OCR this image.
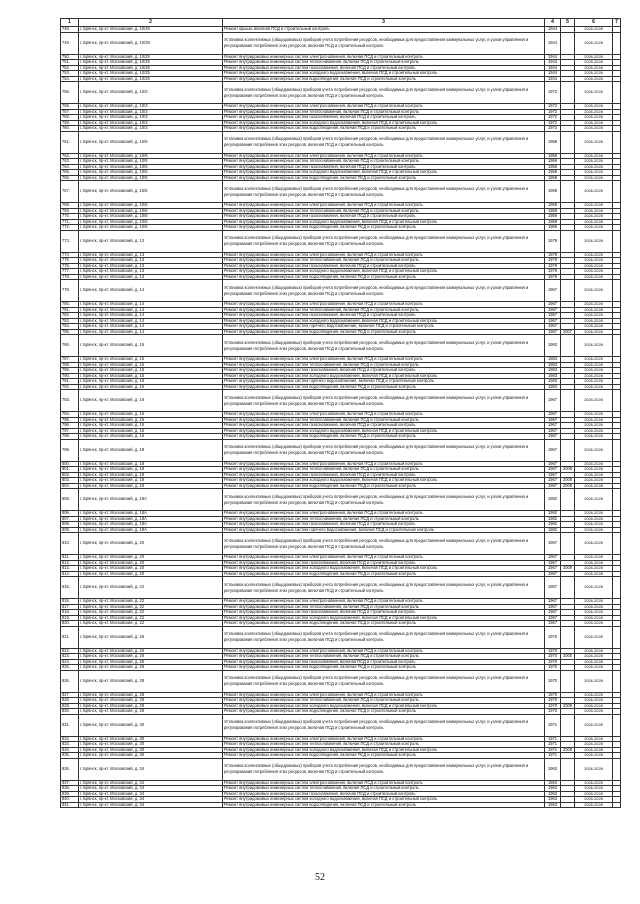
1	2	3	4	5	6	7
748.	г. Брянск, пр-кт. Московский, д. 10/25	Ремонт крыши, включая ПСД и строительный контроль	1944		2026-2028	
749.	г. Брянск, пр-кт. Московский, д. 10/25	Установка коллективных (общедомовых) приборов учета потребления ресурсов, необходимых для предоставления коммунальных услуг, и узлов управления и регулирования потребления этих ресурсов, включая ПСД и строительный контроль	1944		2026-2028	
750.	г. Брянск, пр-кт. Московский, д. 10/25	Ремонт внутридомовых инженерных систем электроснабжения, включая ПСД и строительный контроль	1944		2026-2028	
751.	г. Брянск, пр-кт. Московский, д. 10/25	Ремонт внутридомовых инженерных систем теплоснабжения, включая ПСД и строительный контроль	1944		2026-2028	
752.	г. Брянск, пр-кт. Московский, д. 10/25	Ремонт внутридомовых инженерных систем газоснабжения, включая ПСД и строительный контроль	1944		2026-2028	
753.	г. Брянск, пр-кт. Московский, д. 10/25	Ремонт внутридомовых инженерных систем холодного водоснабжения, включая ПСД и строительный контроль	1944		2026-2028	
754.	г. Брянск, пр-кт. Московский, д. 10/25	Ремонт внутридомовых инженерных систем водоотведения, включая ПСД и строительный контроль	1944		2026-2028	
755.	г. Брянск, пр-кт. Московский, д. 10/3	Установка коллективных (общедомовых) приборов учета потребления ресурсов, необходимых для предоставления коммунальных услуг, и узлов управления и регулирования потребления этих ресурсов, включая ПСД и строительный контроль	1972		2026-2028	
756.	г. Брянск, пр-кт. Московский, д. 10/3	Ремонт внутридомовых инженерных систем электроснабжения, включая ПСД и строительный контроль	1972		2026-2028	
757.	г. Брянск, пр-кт. Московский, д. 10/3	Ремонт внутридомовых инженерных систем теплоснабжения, включая ПСД и строительный контроль	1972		2026-2028	
758.	г. Брянск, пр-кт. Московский, д. 10/3	Ремонт внутридомовых инженерных систем газоснабжения, включая ПСД и строительный контроль	1972		2026-2028	
759.	г. Брянск, пр-кт. Московский, д. 10/3	Ремонт внутридомовых инженерных систем холодного водоснабжения, включая ПСД и строительный контроль	1972		2026-2028	
760.	г. Брянск, пр-кт. Московский, д. 10/3	Ремонт внутридомовых инженерных систем водоотведения, включая ПСД и строительный контроль	1972		2026-2028	
761.	г. Брянск, пр-кт. Московский, д. 10/5	Установка коллективных (общедомовых) приборов учета потребления ресурсов, необходимых для предоставления коммунальных услуг, и узлов управления и регулирования потребления этих ресурсов, включая ПСД и строительный контроль	1958		2026-2028	
762.	г. Брянск, пр-кт. Московский, д. 10/5	Ремонт внутридомовых инженерных систем электроснабжения, включая ПСД и строительный контроль	1958		2026-2028	
763.	г. Брянск, пр-кт. Московский, д. 10/5	Ремонт внутридомовых инженерных систем теплоснабжения, включая ПСД и строительный контроль	1958		2026-2028	
764.	г. Брянск, пр-кт. Московский, д. 10/5	Ремонт внутридомовых инженерных систем газоснабжения, включая ПСД и строительный контроль	1958		2026-2028	
765.	г. Брянск, пр-кт. Московский, д. 10/5	Ремонт внутридомовых инженерных систем холодного водоснабжения, включая ПСД и строительный контроль	1958		2026-2028	
766.	г. Брянск, пр-кт. Московский, д. 10/5	Ремонт внутридомовых инженерных систем водоотведения, включая ПСД и строительный контроль	1958		2026-2028	
767.	г. Брянск, пр-кт. Московский, д. 10/6	Установка коллективных (общедомовых) приборов учета потребления ресурсов, необходимых для предоставления коммунальных услуг, и узлов управления и регулирования потребления этих ресурсов, включая ПСД и строительный контроль	1959		2026-2028	
768.	г. Брянск, пр-кт. Московский, д. 10/6	Ремонт внутридомовых инженерных систем электроснабжения, включая ПСД и строительный контроль	1959		2026-2028	
769.	г. Брянск, пр-кт. Московский, д. 10/6	Ремонт внутридомовых инженерных систем теплоснабжения, включая ПСД и строительный контроль	1959		2026-2028	
770.	г. Брянск, пр-кт. Московский, д. 10/6	Ремонт внутридомовых инженерных систем газоснабжения, включая ПСД и строительный контроль	1959		2026-2028	
771.	г. Брянск, пр-кт. Московский, д. 10/6	Ремонт внутридомовых инженерных систем холодного водоснабжения, включая ПСД и строительный контроль	1959		2026-2028	
772.	г. Брянск, пр-кт. Московский, д. 10/6	Ремонт внутридомовых инженерных систем водоотведения, включая ПСД и строительный контроль	1959		2026-2028	
773.	г. Брянск, пр-кт. Московский, д. 13	Установка коллективных (общедомовых) приборов учета потребления ресурсов, необходимых для предоставления коммунальных услуг, и узлов управления и регулирования потребления этих ресурсов, включая ПСД и строительный контроль	1979		2026-2028	
774.	г. Брянск, пр-кт. Московский, д. 13	Ремонт внутридомовых инженерных систем электроснабжения, включая ПСД и строительный контроль	1979		2026-2028	
775.	г. Брянск, пр-кт. Московский, д. 13	Ремонт внутридомовых инженерных систем теплоснабжения, включая ПСД и строительный контроль	1979		2026-2028	
776.	г. Брянск, пр-кт. Московский, д. 13	Ремонт внутридомовых инженерных систем газоснабжения, включая ПСД и строительный контроль	1979		2026-2028	
777.	г. Брянск, пр-кт. Московский, д. 13	Ремонт внутридомовых инженерных систем холодного водоснабжения, включая ПСД и строительный контроль	1979		2026-2028	
778.	г. Брянск, пр-кт. Московский, д. 13	Ремонт внутридомовых инженерных систем водоотведения, включая ПСД и строительный контроль	1979		2026-2028	
779.	г. Брянск, пр-кт. Московский, д. 14	Установка коллективных (общедомовых) приборов учета потребления ресурсов, необходимых для предоставления коммунальных услуг, и узлов управления и регулирования потребления этих ресурсов, включая ПСД и строительный контроль	1967		2026-2028	
780.	г. Брянск, пр-кт. Московский, д. 14	Ремонт внутридомовых инженерных систем электроснабжения, включая ПСД и строительный контроль	1967		2026-2028	
781.	г. Брянск, пр-кт. Московский, д. 14	Ремонт внутридомовых инженерных систем теплоснабжения, включая ПСД и строительный контроль	1967		2026-2028	
782.	г. Брянск, пр-кт. Московский, д. 14	Ремонт внутридомовых инженерных систем газоснабжения, включая ПСД и строительный контроль	1967		2026-2028	
783.	г. Брянск, пр-кт. Московский, д. 14	Ремонт внутридомовых инженерных систем холодного водоснабжения, включая ПСД и строительный контроль	1967		2026-2028	
784.	г. Брянск, пр-кт. Московский, д. 14	Ремонт внутридомовых инженерных систем горячего водоснабжения, включая ПСД и строительный контроль	1967		2026-2028	
785.	г. Брянск, пр-кт. Московский, д. 14	Ремонт внутридомовых инженерных систем водоотведения, включая ПСД и строительный контроль	1967	2007	2026-2028	
786.	г. Брянск, пр-кт. Московский, д. 15	Установка коллективных (общедомовых) приборов учета потребления ресурсов, необходимых для предоставления коммунальных услуг, и узлов управления и регулирования потребления этих ресурсов, включая ПСД и строительный контроль	1983		2026-2028	
787.	г. Брянск, пр-кт. Московский, д. 15	Ремонт внутридомовых инженерных систем электроснабжения, включая ПСД и строительный контроль	1983		2026-2028	
788.	г. Брянск, пр-кт. Московский, д. 15	Ремонт внутридомовых инженерных систем теплоснабжения, включая ПСД и строительный контроль	1983		2026-2028	
789.	г. Брянск, пр-кт. Московский, д. 15	Ремонт внутридомовых инженерных систем газоснабжения, включая ПСД и строительный контроль	1983		2026-2028	
790.	г. Брянск, пр-кт. Московский, д. 15	Ремонт внутридомовых инженерных систем холодного водоснабжения, включая ПСД и строительный контроль	1983		2026-2028	
791.	г. Брянск, пр-кт. Московский, д. 15	Ремонт внутридомовых инженерных систем горячего водоснабжения, включая ПСД и строительный контроль	1983		2026-2028	
792.	г. Брянск, пр-кт. Московский, д. 15	Ремонт внутридомовых инженерных систем водоотведения, включая ПСД и строительный контроль	1983		2026-2028	
793.	г. Брянск, пр-кт. Московский, д. 16	Установка коллективных (общедомовых) приборов учета потребления ресурсов, необходимых для предоставления коммунальных услуг, и узлов управления и регулирования потребления этих ресурсов, включая ПСД и строительный контроль	1967		2026-2028	
794.	г. Брянск, пр-кт. Московский, д. 16	Ремонт внутридомовых инженерных систем электроснабжения, включая ПСД и строительный контроль	1967		2026-2028	
795.	г. Брянск, пр-кт. Московский, д. 16	Ремонт внутридомовых инженерных систем теплоснабжения, включая ПСД и строительный контроль	1967		2026-2028	
796.	г. Брянск, пр-кт. Московский, д. 16	Ремонт внутридомовых инженерных систем газоснабжения, включая ПСД и строительный контроль	1967		2026-2028	
797.	г. Брянск, пр-кт. Московский, д. 16	Ремонт внутридомовых инженерных систем холодного водоснабжения, включая ПСД и строительный контроль	1967		2026-2028	
798.	г. Брянск, пр-кт. Московский, д. 16	Ремонт внутридомовых инженерных систем водоотведения, включая ПСД и строительный контроль	1967		2026-2028	
799.	г. Брянск, пр-кт. Московский, д. 18	Установка коллективных (общедомовых) приборов учета потребления ресурсов, необходимых для предоставления коммунальных услуг, и узлов управления и регулирования потребления этих ресурсов, включая ПСД и строительный контроль	1967		2026-2028	
800.	г. Брянск, пр-кт. Московский, д. 18	Ремонт внутридомовых инженерных систем электроснабжения, включая ПСД и строительный контроль	1967		2026-2028	
801.	г. Брянск, пр-кт. Московский, д. 18	Ремонт внутридомовых инженерных систем теплоснабжения, включая ПСД и строительный контроль	1967	2009	2026-2028	
802.	г. Брянск, пр-кт. Московский, д. 18	Ремонт внутридомовых инженерных систем газоснабжения, включая ПСД и строительный контроль	1967		2026-2028	
803.	г. Брянск, пр-кт. Московский, д. 18	Ремонт внутридомовых инженерных систем холодного водоснабжения, включая ПСД и строительный контроль	1967	2009	2026-2028	
804.	г. Брянск, пр-кт. Московский, д. 18	Ремонт внутридомовых инженерных систем водоотведения, включая ПСД и строительный контроль	1967	2009	2026-2028	
805.	г. Брянск, пр-кт. Московский, д. 18А	Установка коллективных (общедомовых) приборов учета потребления ресурсов, необходимых для предоставления коммунальных услуг, и узлов управления и регулирования потребления этих ресурсов, включая ПСД и строительный контроль	1982		2026-2028	
806.	г. Брянск, пр-кт. Московский, д. 18А	Ремонт внутридомовых инженерных систем электроснабжения, включая ПСД и строительный контроль	1982		2026-2028	
807.	г. Брянск, пр-кт. Московский, д. 18А	Ремонт внутридомовых инженерных систем теплоснабжения, включая ПСД и строительный контроль	1982		2026-2028	
808.	г. Брянск, пр-кт. Московский, д. 18А	Ремонт внутридомовых инженерных систем газоснабжения, включая ПСД и строительный контроль	1982		2026-2028	
809.	г. Брянск, пр-кт. Московский, д. 18А	Ремонт внутридомовых инженерных систем горячего водоснабжения, включая ПСД и строительный контроль	1982		2026-2028	
810.	г. Брянск, пр-кт. Московский, д. 20	Установка коллективных (общедомовых) приборов учета потребления ресурсов, необходимых для предоставления коммунальных услуг, и узлов управления и регулирования потребления этих ресурсов, включая ПСД и строительный контроль	1967		2026-2028	
811.	г. Брянск, пр-кт. Московский, д. 20	Ремонт внутридомовых инженерных систем электроснабжения, включая ПСД и строительный контроль	1967		2026-2028	
812.	г. Брянск, пр-кт. Московский, д. 20	Ремонт внутридомовых инженерных систем газоснабжения, включая ПСД и строительный контроль	1967		2026-2028	
813.	г. Брянск, пр-кт. Московский, д. 20	Ремонт внутридомовых инженерных систем холодного водоснабжения, включая ПСД и строительный контроль	1967	2009	2026-2028	
814.	г. Брянск, пр-кт. Московский, д. 20	Ремонт внутридомовых инженерных систем водоотведения, включая ПСД и строительный контроль	1967		2026-2028	
815.	г. Брянск, пр-кт. Московский, д. 22	Установка коллективных (общедомовых) приборов учета потребления ресурсов, необходимых для предоставления коммунальных услуг, и узлов управления и регулирования потребления этих ресурсов, включая ПСД и строительный контроль	1967		2026-2028	
816.	г. Брянск, пр-кт. Московский, д. 22	Ремонт внутридомовых инженерных систем электроснабжения, включая ПСД и строительный контроль	1967		2026-2028	
817.	г. Брянск, пр-кт. Московский, д. 22	Ремонт внутридомовых инженерных систем теплоснабжения, включая ПСД и строительный контроль	1967		2026-2028	
818.	г. Брянск, пр-кт. Московский, д. 22	Ремонт внутридомовых инженерных систем газоснабжения, включая ПСД и строительный контроль	1967		2026-2028	
819.	г. Брянск, пр-кт. Московский, д. 22	Ремонт внутридомовых инженерных систем холодного водоснабжения, включая ПСД и строительный контроль	1967		2026-2028	
820.	г. Брянск, пр-кт. Московский, д. 22	Ремонт внутридомовых инженерных систем водоотведения, включая ПСД и строительный контроль	1967		2026-2028	
821.	г. Брянск, пр-кт. Московский, д. 26	Установка коллективных (общедомовых) приборов учета потребления ресурсов, необходимых для предоставления коммунальных услуг, и узлов управления и регулирования потребления этих ресурсов, включая ПСД и строительный контроль	1970		2026-2028	
822.	г. Брянск, пр-кт. Московский, д. 26	Ремонт внутридомовых инженерных систем электроснабжения, включая ПСД и строительный контроль	1970		2026-2028	
823.	г. Брянск, пр-кт. Московский, д. 26	Ремонт внутридомовых инженерных систем теплоснабжения, включая ПСД и строительный контроль	1970	2005	2026-2028	
824.	г. Брянск, пр-кт. Московский, д. 26	Ремонт внутридомовых инженерных систем газоснабжения, включая ПСД и строительный контроль	1970		2026-2028	
825.	г. Брянск, пр-кт. Московский, д. 26	Ремонт внутридомовых инженерных систем водоотведения, включая ПСД и строительный контроль	1970		2026-2028	
826.	г. Брянск, пр-кт. Московский, д. 28	Установка коллективных (общедомовых) приборов учета потребления ресурсов, необходимых для предоставления коммунальных услуг, и узлов управления и регулирования потребления этих ресурсов, включая ПСД и строительный контроль	1970		2026-2028	
827.	г. Брянск, пр-кт. Московский, д. 28	Ремонт внутридомовых инженерных систем электроснабжения, включая ПСД и строительный контроль	1970		2026-2028	
828.	г. Брянск, пр-кт. Московский, д. 28	Ремонт внутридомовых инженерных систем теплоснабжения, включая ПСД и строительный контроль	1970		2026-2028	
829.	г. Брянск, пр-кт. Московский, д. 28	Ремонт внутридомовых инженерных систем холодного водоснабжения, включая ПСД и строительный контроль	1970	2009	2026-2028	
830.	г. Брянск, пр-кт. Московский, д. 28	Ремонт внутридомовых инженерных систем водоотведения, включая ПСД и строительный контроль	1970		2026-2028	
831.	г. Брянск, пр-кт. Московский, д. 30	Установка коллективных (общедомовых) приборов учета потребления ресурсов, необходимых для предоставления коммунальных услуг, и узлов управления и регулирования потребления этих ресурсов, включая ПСД и строительный контроль	1971		2026-2028	
832.	г. Брянск, пр-кт. Московский, д. 30	Ремонт внутридомовых инженерных систем электроснабжения, включая ПСД и строительный контроль	1971		2026-2028	
833.	г. Брянск, пр-кт. Московский, д. 30	Ремонт внутридомовых инженерных систем теплоснабжения, включая ПСД и строительный контроль	1971		2026-2028	
834.	г. Брянск, пр-кт. Московский, д. 30	Ремонт внутридомовых инженерных систем холодного водоснабжения, включая ПСД и строительный контроль	1971	2009	2026-2028	
835.	г. Брянск, пр-кт. Московский, д. 30	Ремонт внутридомовых инженерных систем водоотведения, включая ПСД и строительный контроль	1971		2026-2028	
836.	г. Брянск, пр-кт. Московский, д. 34	Установка коллективных (общедомовых) приборов учета потребления ресурсов, необходимых для предоставления коммунальных услуг, и узлов управления и регулирования потребления этих ресурсов, включая ПСД и строительный контроль	1963		2026-2028	
837.	г. Брянск, пр-кт. Московский, д. 34	Ремонт внутридомовых инженерных систем электроснабжения, включая ПСД и строительный контроль	1963		2026-2028	
838.	г. Брянск, пр-кт. Московский, д. 34	Ремонт внутридомовых инженерных систем теплоснабжения, включая ПСД и строительный контроль	1963		2026-2028	
839.	г. Брянск, пр-кт. Московский, д. 34	Ремонт внутридомовых инженерных систем газоснабжения, включая ПСД и строительный контроль	1963		2026-2028	
840.	г. Брянск, пр-кт. Московский, д. 34	Ремонт внутридомовых инженерных систем холодного водоснабжения, включая ПСД и строительный контроль	1963		2026-2028	
841.	г. Брянск, пр-кт. Московский, д. 34	Ремонт внутридомовых инженерных систем водоотведения, включая ПСД и строительный контроль	1963		2026-2028	
52
